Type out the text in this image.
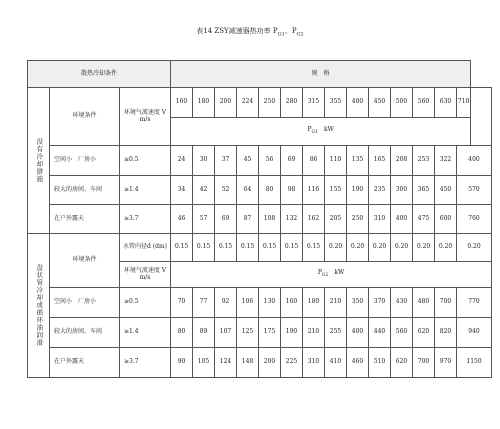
表14 ZSY减速器热功率 $P_{G1}$、$P_{G2}$
散热冷却条件			规　格														
没有冷却措施	环境条件	环境气流速度 V m/s	160	180	200	224	250	280	315	355	400	450	500	560	630	710	
			$P_{G1}$　 kW														
	空间小　厂房小	≥0.5	24	30	37	45	56	69	86	110	135	165	208	253	322	400	
	较大的房间、车间	≥1.4	34	42	52	64	80	98	116	155	190	235	300	365	450	570	
	在户外露天	≥3.7	46	57	69	87	108	132	162	205	250	310	400	475	600	760	
盘状管冷却或循环油润滑	环境条件	水管内径d (dm)	0.15	0.15	0.15	0.15	0.15	0.15	0.15	0.20	0.20	0.20	0.20	0.20	0.20	0.20	
		环境气流速度 V m/s	$P_{G2}$　 kW														
	空间小　厂房小	≥0.5	70	77	92	106	130	160	180	210	350	370	430	480	700	770	
	较大的房间、车间	≥1.4	80	89	107	125	175	190	210	255	400	440	560	620	820	940	
	在户外露天	≥3.7	90	105	124	148	200	225	310	410	460	510	620	700	970	1150	
